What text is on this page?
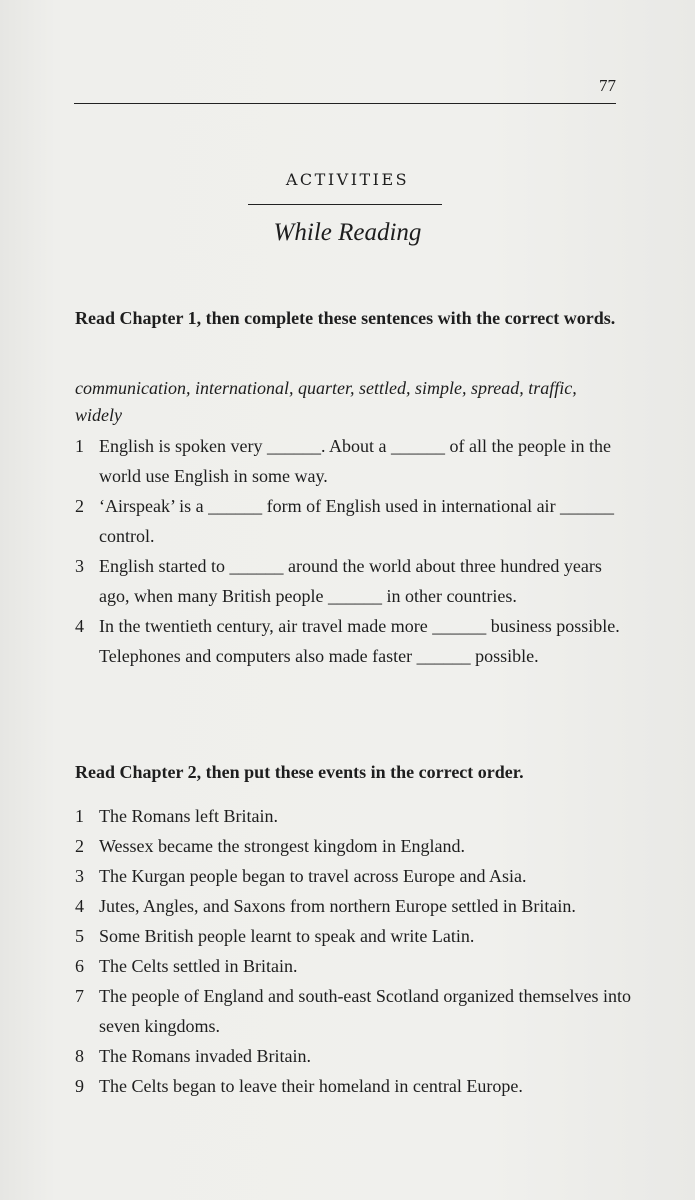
77
ACTIVITIES
While Reading
Read Chapter 1, then complete these sentences with the correct words.
communication, international, quarter, settled, simple, spread, traffic, widely
1 English is spoken very ______. About a ______ of all the people in the world use English in some way.
2 ‘Airspeak’ is a ______ form of English used in international air ______ control.
3 English started to ______ around the world about three hundred years ago, when many British people ______ in other countries.
4 In the twentieth century, air travel made more ______ business possible. Telephones and computers also made faster ______ possible.
Read Chapter 2, then put these events in the correct order.
1 The Romans left Britain.
2 Wessex became the strongest kingdom in England.
3 The Kurgan people began to travel across Europe and Asia.
4 Jutes, Angles, and Saxons from northern Europe settled in Britain.
5 Some British people learnt to speak and write Latin.
6 The Celts settled in Britain.
7 The people of England and south-east Scotland organized themselves into seven kingdoms.
8 The Romans invaded Britain.
9 The Celts began to leave their homeland in central Europe.
